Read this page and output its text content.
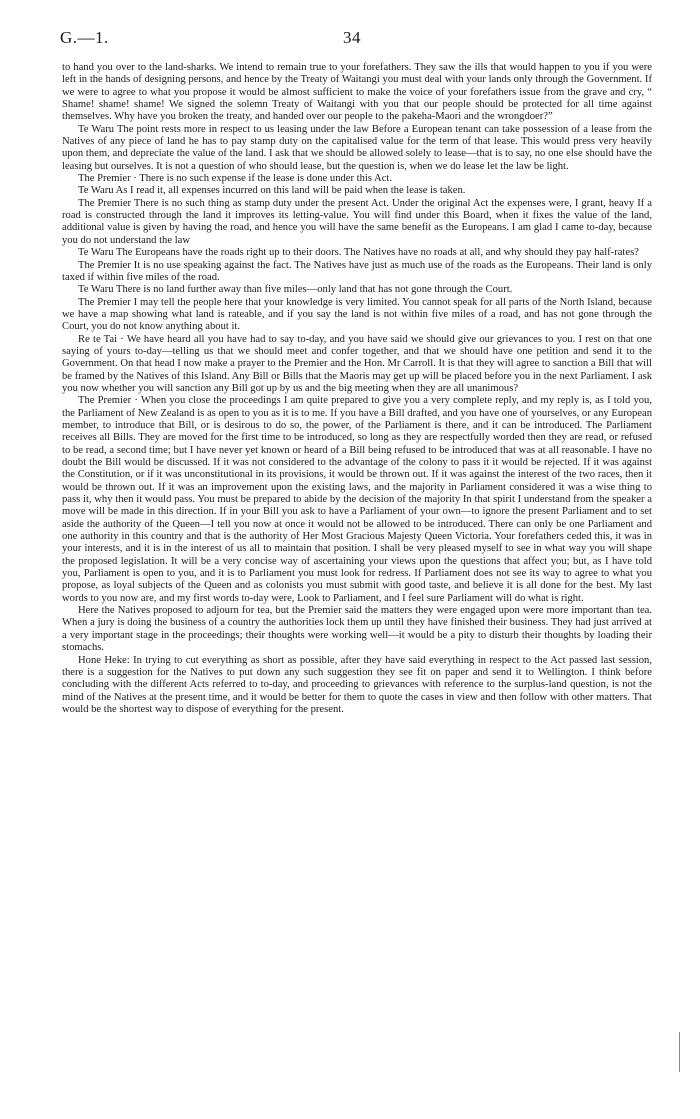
G.—1.	34

to hand you over to the land-sharks. We intend to remain true to your forefathers. They saw the ills that would happen to you if you were left in the hands of designing persons, and hence by the Treaty of Waitangi you must deal with your lands only through the Government. If we were to agree to what you propose it would be almost sufficient to make the voice of your forefathers issue from the grave and cry, “ Shame! shame! shame! We signed the solemn Treaty of Waitangi with you that our people should be protected for all time against themselves. Why have you broken the treaty, and handed over our people to the pakeha-Maori and the wrongdoer?”

Te Waru The point rests more in respect to us leasing under the law Before a European tenant can take possession of a lease from the Natives of any piece of land he has to pay stamp duty on the capitalised value for the term of that lease. This would press very heavily upon them, and depreciate the value of the land. I ask that we should be allowed solely to lease—that is to say, no one else should have the leasing but ourselves. It is not a question of who should lease, but the question is, when we do lease let the law be light.

The Premier · There is no such expense if the lease is done under this Act.

Te Waru As I read it, all expenses incurred on this land will be paid when the lease is taken.

The Premier There is no such thing as stamp duty under the present Act. Under the original Act the expenses were, I grant, heavy If a road is constructed through the land it improves its letting-value. You will find under this Board, when it fixes the value of the land, additional value is given by having the road, and hence you will have the same benefit as the Europeans. I am glad I came to-day, because you do not understand the law

Te Waru The Europeans have the roads right up to their doors. The Natives have no roads at all, and why should they pay half-rates?

The Premier It is no use speaking against the fact. The Natives have just as much use of the roads as the Europeans. Their land is only taxed if within five miles of the road.

Te Waru There is no land further away than five miles—only land that has not gone through the Court.

The Premier I may tell the people here that your knowledge is very limited. You cannot speak for all parts of the North Island, because we have a map showing what land is rateable, and if you say the land is not within five miles of a road, and has not gone through the Court, you do not know anything about it.

Re te Tai · We have heard all you have had to say to-day, and you have said we should give our grievances to you. I rest on that one saying of yours to-day—telling us that we should meet and confer together, and that we should have one petition and send it to the Government. On that head I now make a prayer to the Premier and the Hon. Mr Carroll. It is that they will agree to sanction a Bill that will be framed by the Natives of this Island. Any Bill or Bills that the Maoris may get up will be placed before you in the next Parliament. I ask you now whether you will sanction any Bill got up by us and the big meeting when they are all unanimous?

The Premier · When you close the proceedings I am quite prepared to give you a very complete reply, and my reply is, as I told you, the Parliament of New Zealand is as open to you as it is to me. If you have a Bill drafted, and you have one of yourselves, or any European member, to introduce that Bill, or is desirous to do so, the power, of the Parliament is there, and it can be introduced. The Parliament receives all Bills. They are moved for the first time to be introduced, so long as they are respectfully worded then they are read, or refused to be read, a second time; but I have never yet known or heard of a Bill being refused to be introduced that was at all reasonable. I have no doubt the Bill would be discussed. If it was not considered to the advantage of the colony to pass it it would be rejected. If it was against the Constitution, or if it was unconstitutional in its provisions, it would be thrown out. If it was against the interest of the two races, then it would be thrown out. If it was an improvement upon the existing laws, and the majority in Parliament considered it was a wise thing to pass it, why then it would pass. You must be prepared to abide by the decision of the majority In that spirit I understand from the speaker a move will be made in this direction. If in your Bill you ask to have a Parliament of your own—to ignore the present Parliament and to set aside the authority of the Queen—I tell you now at once it would not be allowed to be introduced. There can only be one Parliament and one authority in this country and that is the authority of Her Most Gracious Majesty Queen Victoria. Your forefathers ceded this, it was in your interests, and it is in the interest of us all to maintain that position. I shall be very pleased myself to see in what way you will shape the proposed legislation. It will be a very concise way of ascertaining your views upon the questions that affect you; but, as I have told you, Parliament is open to you, and it is to Parliament you must look for redress. If Parliament does not see its way to agree to what you propose, as loyal subjects of the Queen and as colonists you must submit with good taste, and believe it is all done for the best. My last words to you now are, and my first words to-day were, Look to Parliament, and I feel sure Parliament will do what is right.

Here the Natives proposed to adjourn for tea, but the Premier said the matters they were engaged upon were more important than tea. When a jury is doing the business of a country the authorities lock them up until they have finished their business. They had just arrived at a very important stage in the proceedings; their thoughts were working well—it would be a pity to disturb their thoughts by loading their stomachs.

Hone Heke: In trying to cut everything as short as possible, after they have said everything in respect to the Act passed last session, there is a suggestion for the Natives to put down any such suggestion they see fit on paper and send it to Wellington. I think before concluding with the different Acts referred to to-day, and proceeding to grievances with reference to the surplus-land question, is not the mind of the Natives at the present time, and it would be better for them to quote the cases in view and then follow with other matters. That would be the shortest way to dispose of everything for the present.
